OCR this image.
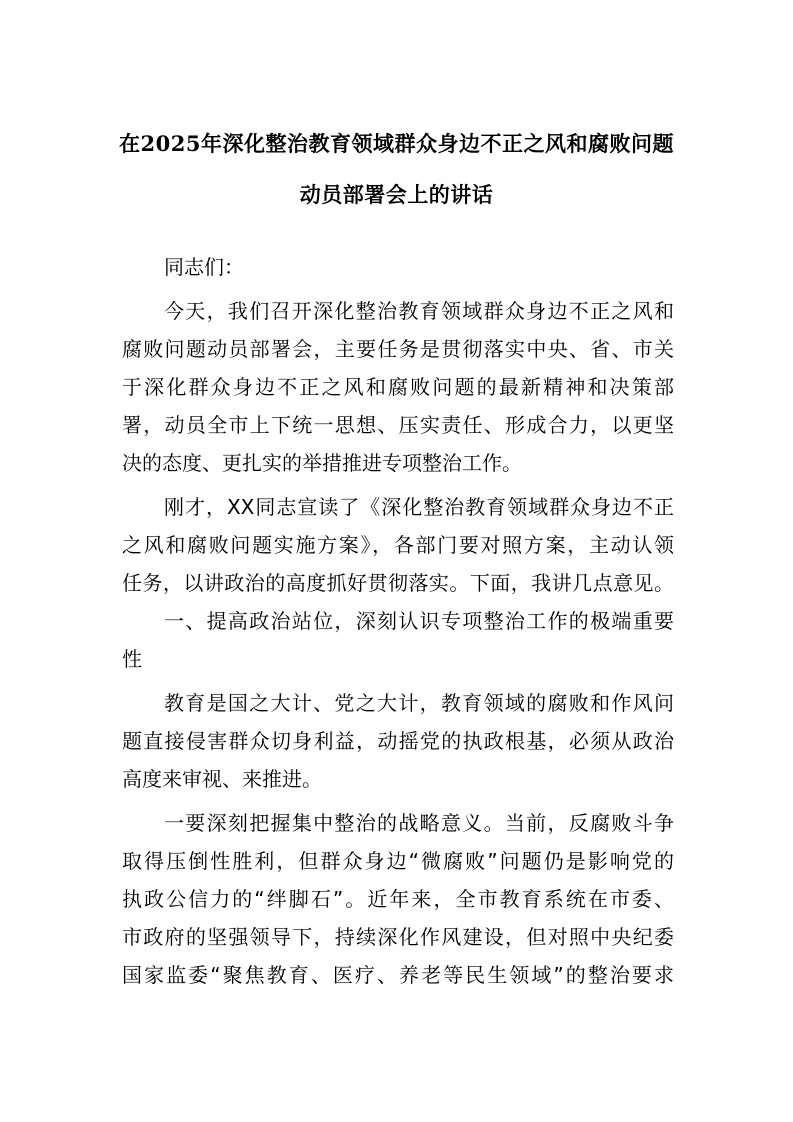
在2025年深化整治教育领域群众身边不正之风和腐败问题
动员部署会上的讲话
同志们：
今天，我们召开深化整治教育领域群众身边不正之风和
腐败问题动员部署会，主要任务是贯彻落实中央、省、市关
于深化群众身边不正之风和腐败问题的最新精神和决策部
署，动员全市上下统一思想、压实责任、形成合力，以更坚
决的态度、更扎实的举措推进专项整治工作。
刚才，XX同志宣读了《深化整治教育领域群众身边不正
之风和腐败问题实施方案》，各部门要对照方案，主动认领
任务，以讲政治的高度抓好贯彻落实。下面，我讲几点意见。
一、提高政治站位，深刻认识专项整治工作的极端重要
性
教育是国之大计、党之大计，教育领域的腐败和作风问
题直接侵害群众切身利益，动摇党的执政根基，必须从政治
高度来审视、来推进。
一要深刻把握集中整治的战略意义。当前，反腐败斗争
取得压倒性胜利，但群众身边“微腐败”问题仍是影响党的
执政公信力的“绊脚石”。近年来，全市教育系统在市委、
市政府的坚强领导下，持续深化作风建设，但对照中央纪委
国家监委“聚焦教育、医疗、养老等民生领域”的整治要求
